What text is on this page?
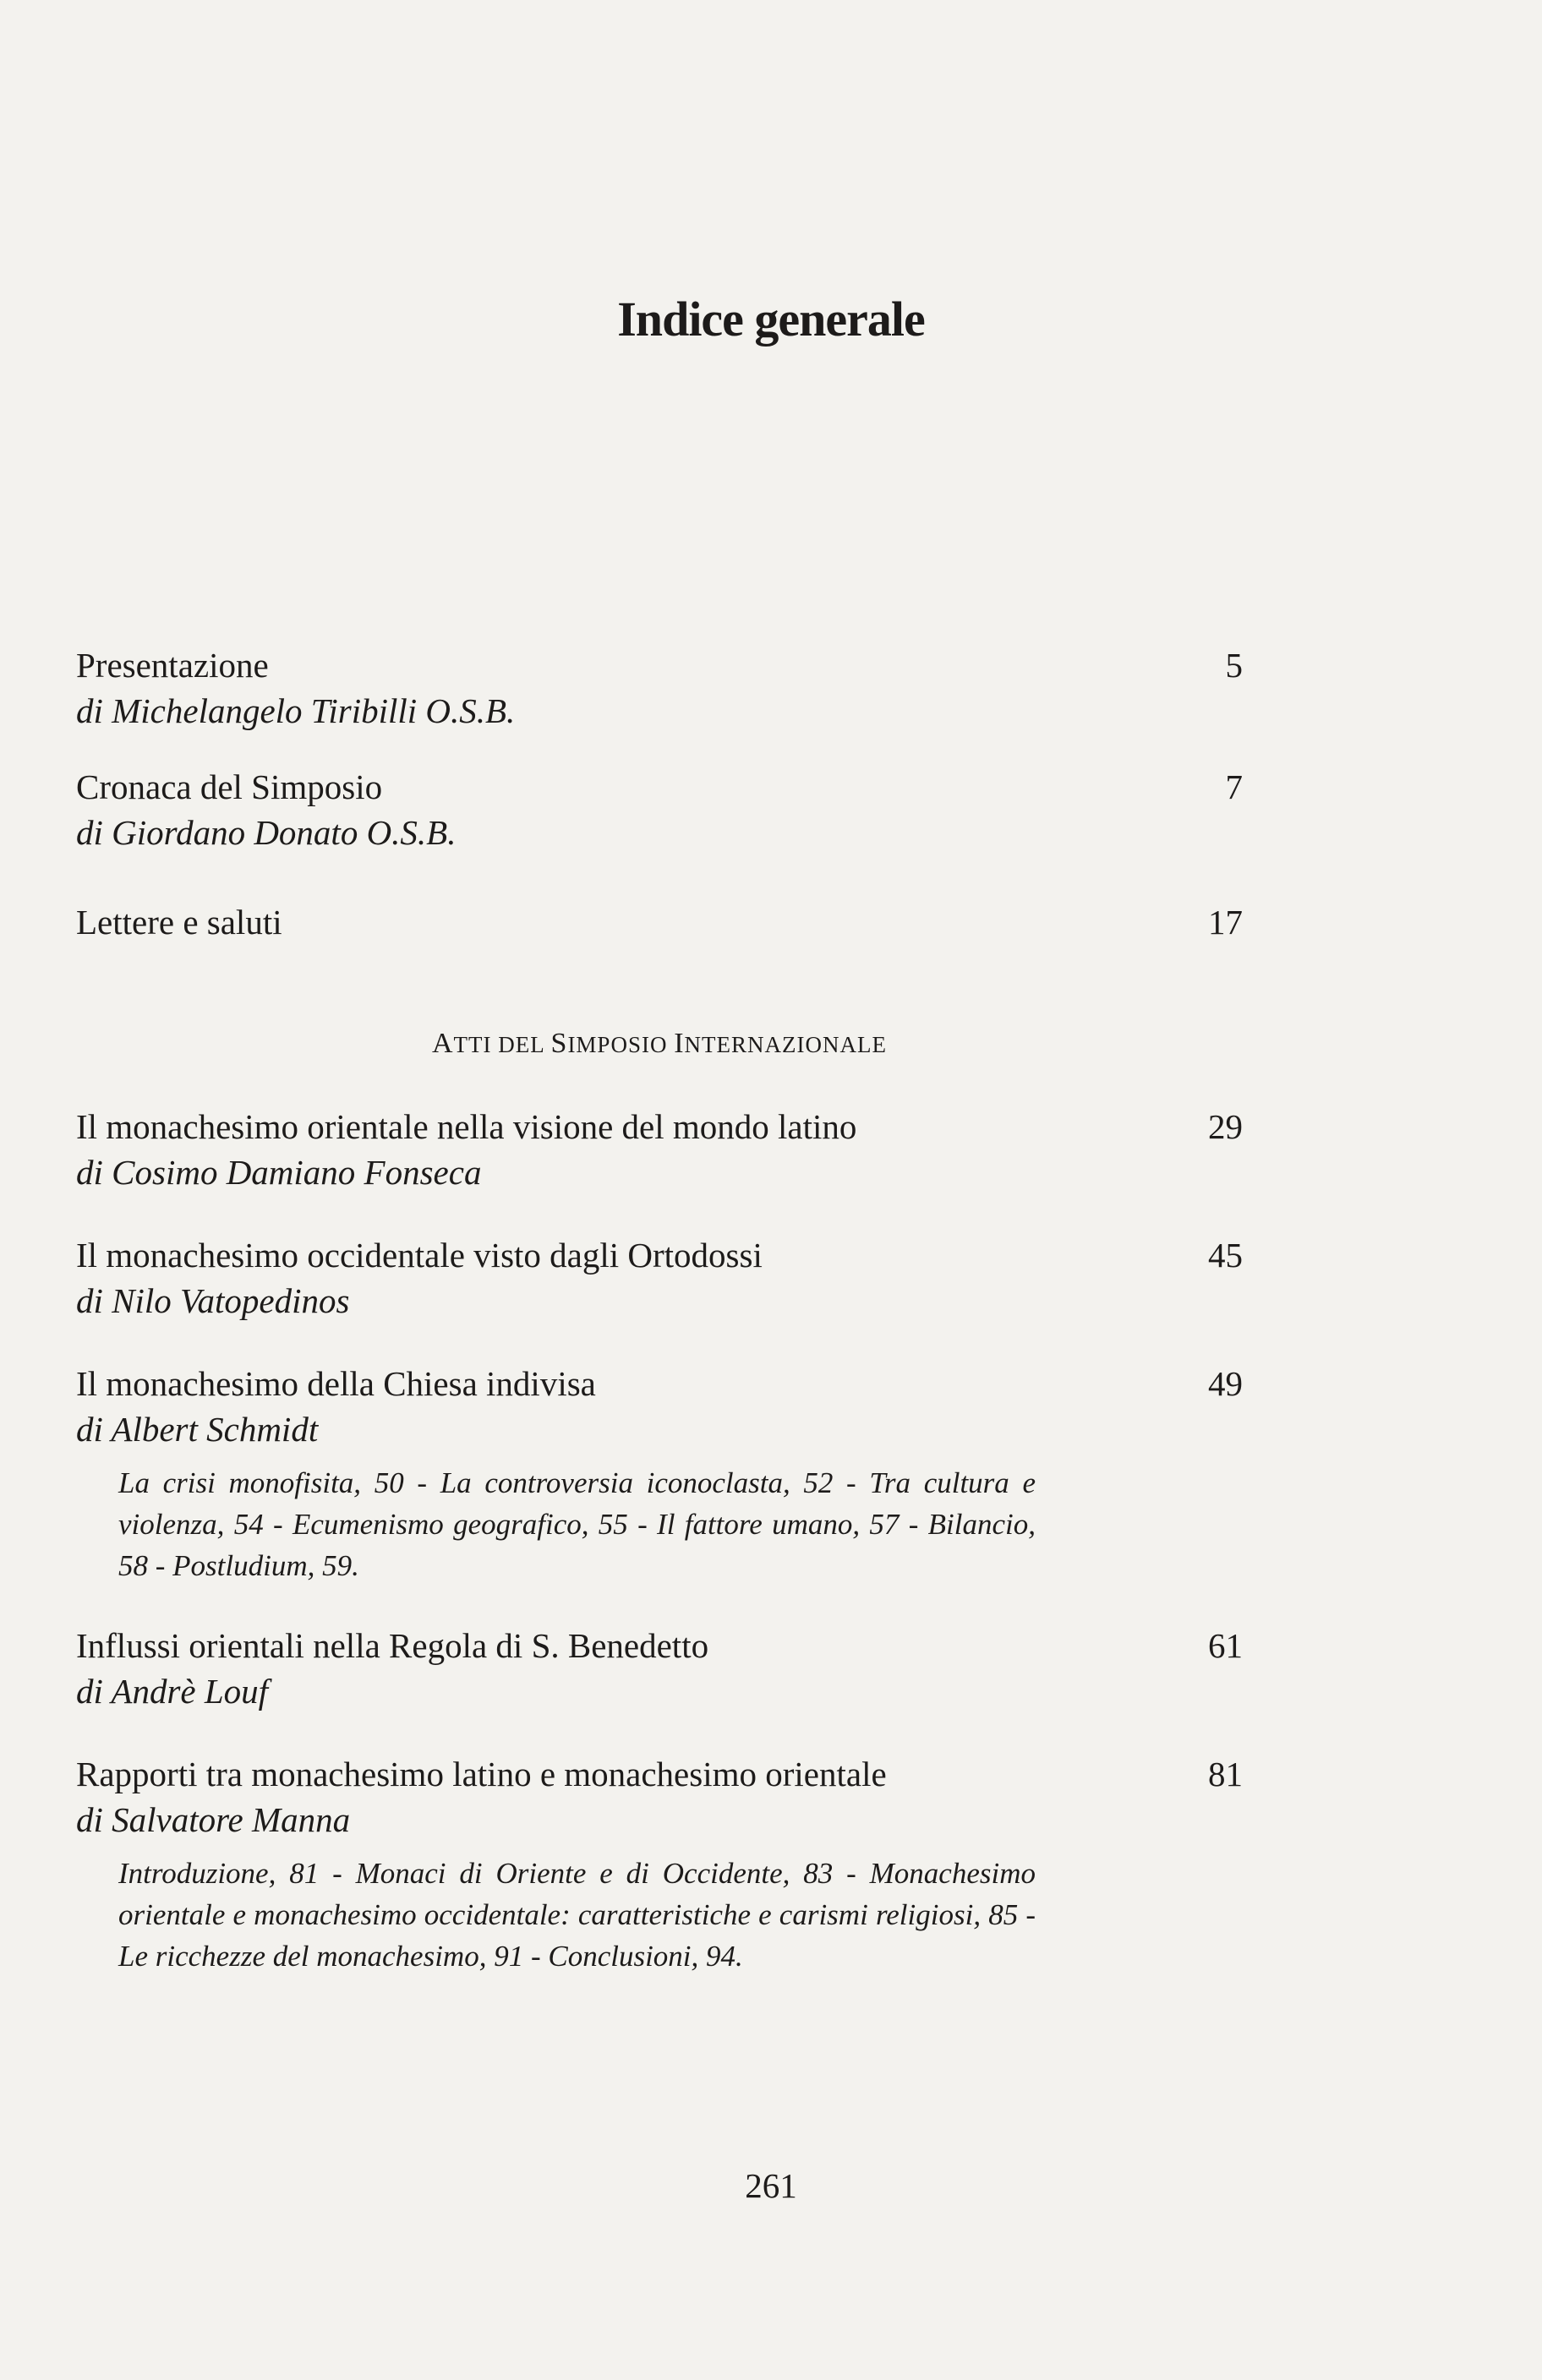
Indice generale
Presentazione	5
di Michelangelo Tiribilli O.S.B.
Cronaca del Simposio	7
di Giordano Donato O.S.B.
Lettere e saluti	17
ATTI DEL SIMPOSIO INTERNAZIONALE
Il monachesimo orientale nella visione del mondo latino	29
di Cosimo Damiano Fonseca
Il monachesimo occidentale visto dagli Ortodossi	45
di Nilo Vatopedinos
Il monachesimo della Chiesa indivisa	49
di Albert Schmidt
La crisi monofisita, 50 - La controversia iconoclasta, 52 - Tra cultura e violenza, 54 - Ecumenismo geografico, 55 - Il fattore umano, 57 - Bilancio, 58 - Postludium, 59.
Influssi orientali nella Regola di S. Benedetto	61
di Andrè Louf
Rapporti tra monachesimo latino e monachesimo orientale	81
di Salvatore Manna
Introduzione, 81 - Monaci di Oriente e di Occidente, 83 - Monachesimo orientale e monachesimo occidentale: caratteristiche e carismi religiosi, 85 - Le ricchezze del monachesimo, 91 - Conclusioni, 94.
261
